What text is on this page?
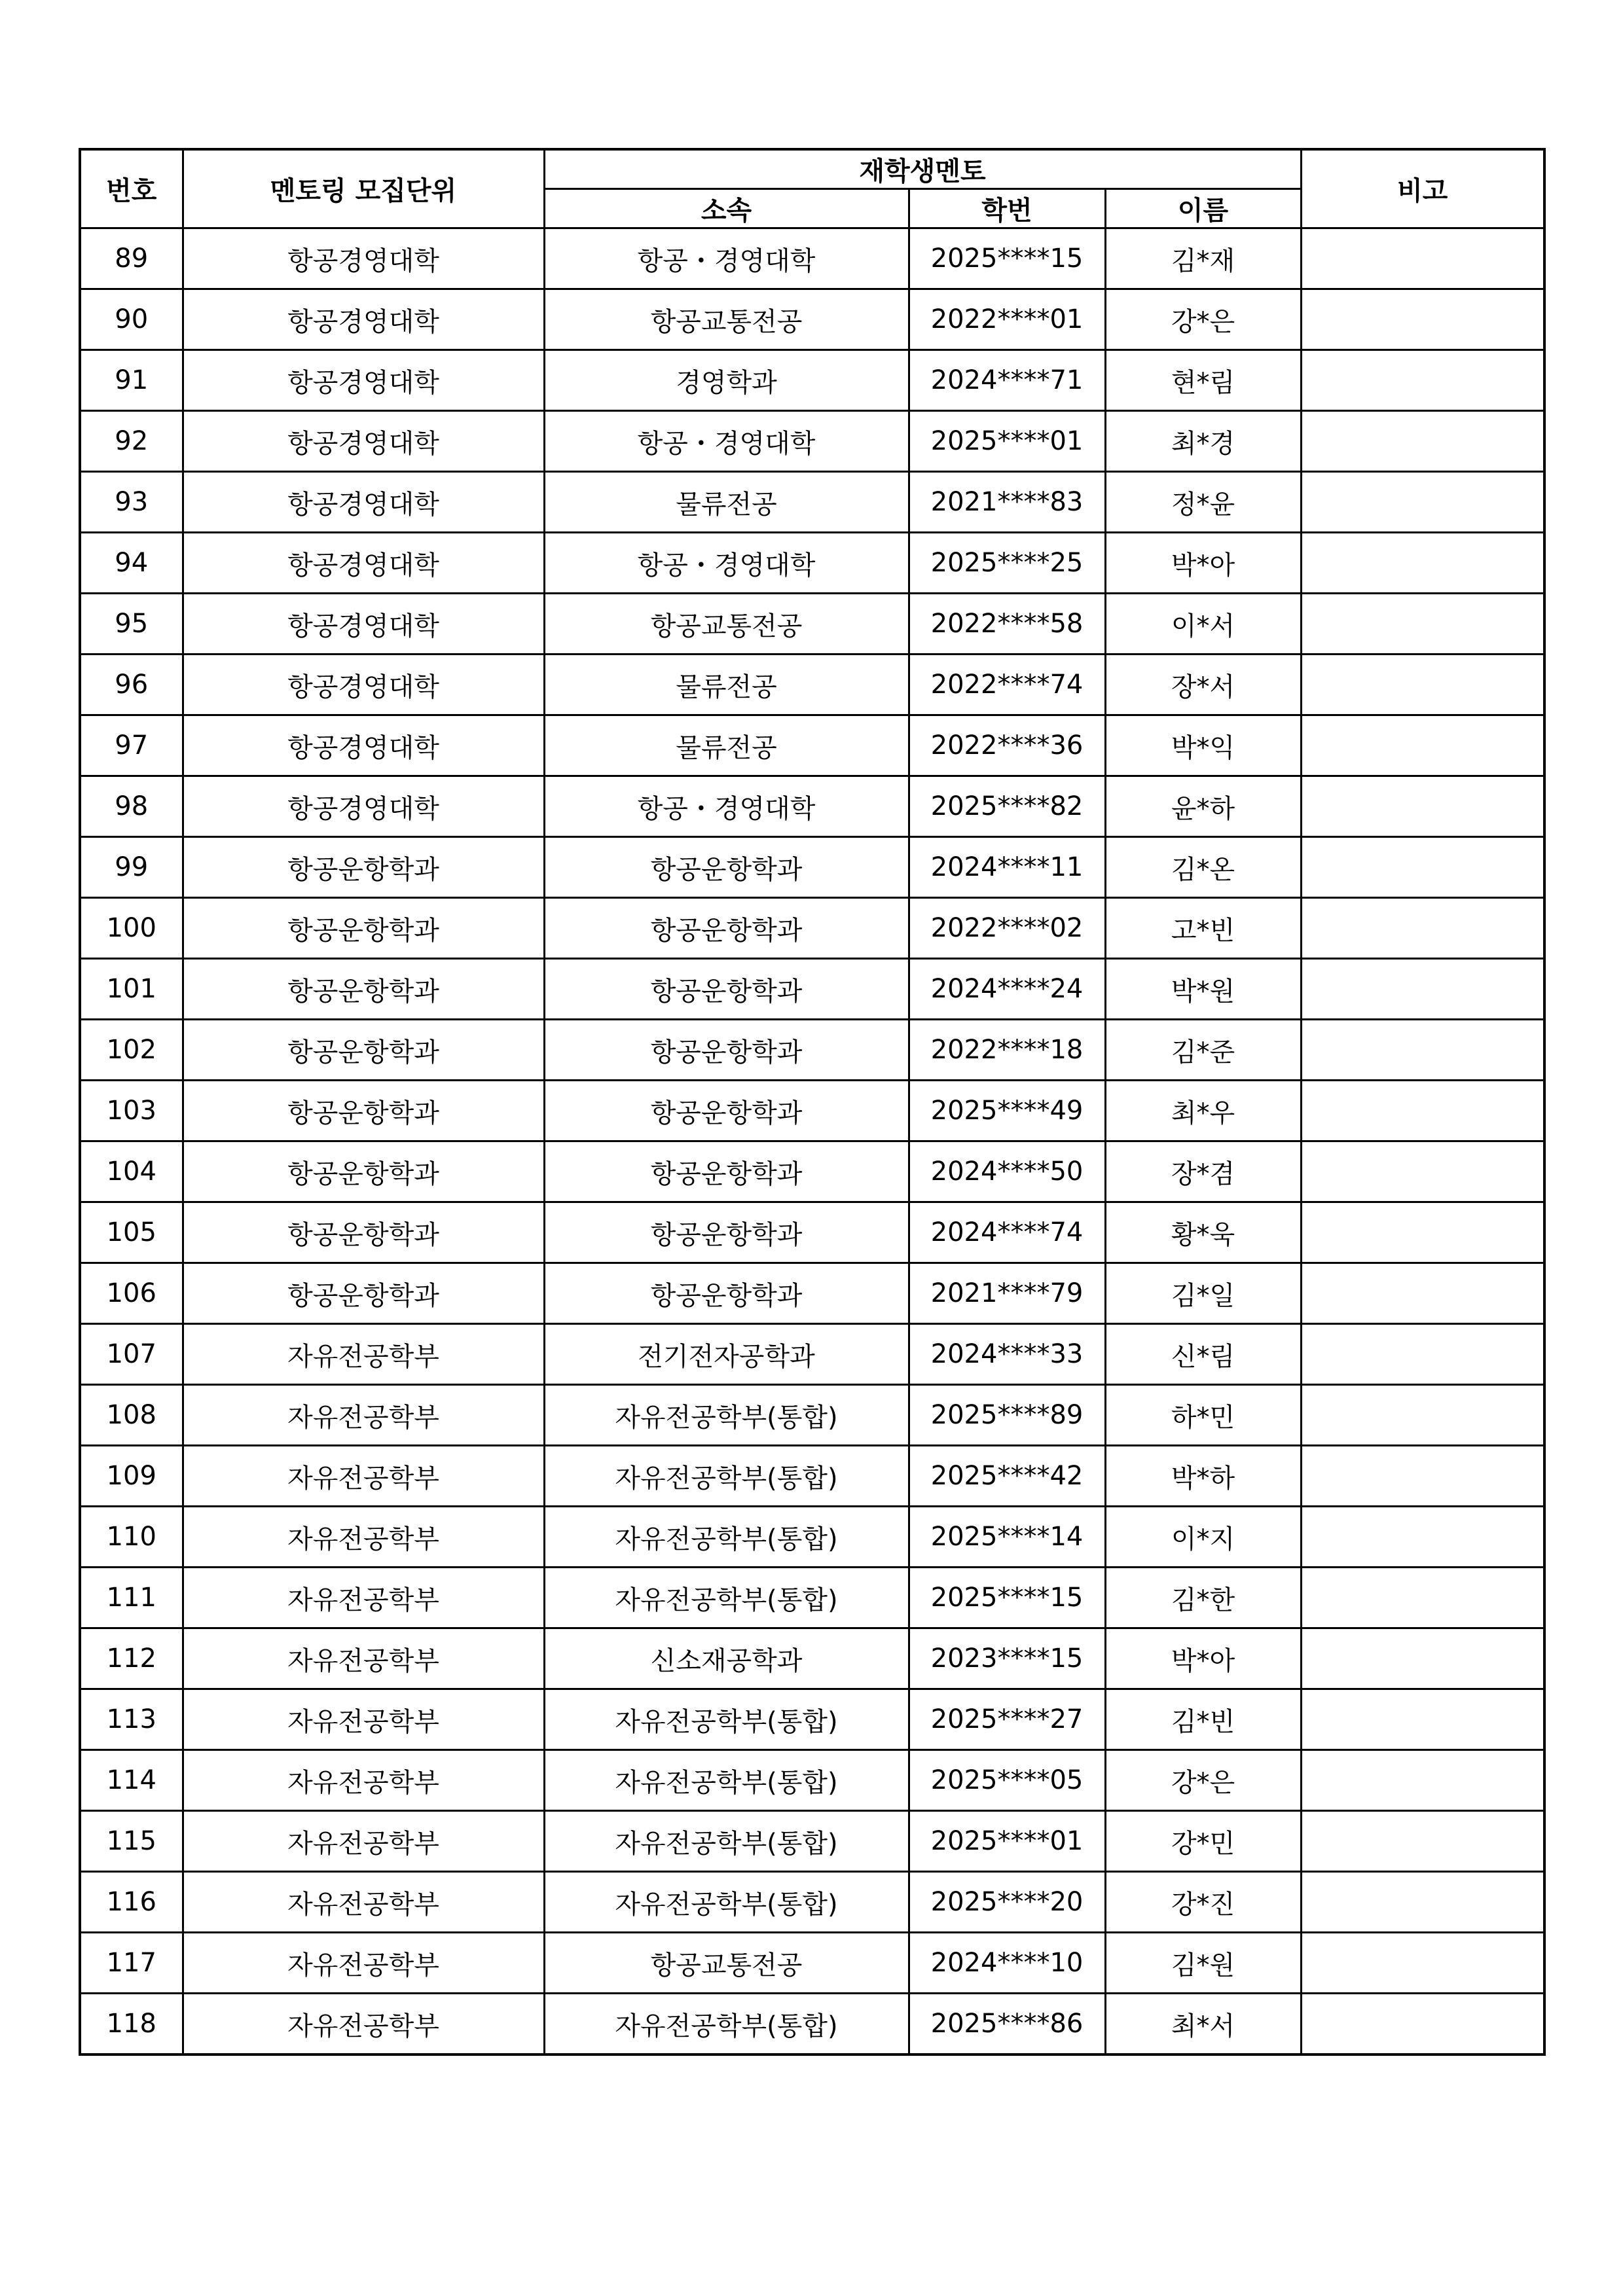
번호	멘토링 모집단위	재학생멘토			비고
		소속	학번	이름	
89	항공경영대학	항공・경영대학	2025****15	김*재	
90	항공경영대학	항공교통전공	2022****01	강*은	
91	항공경영대학	경영학과	2024****71	현*림	
92	항공경영대학	항공・경영대학	2025****01	최*경	
93	항공경영대학	물류전공	2021****83	정*윤	
94	항공경영대학	항공・경영대학	2025****25	박*아	
95	항공경영대학	항공교통전공	2022****58	이*서	
96	항공경영대학	물류전공	2022****74	장*서	
97	항공경영대학	물류전공	2022****36	박*익	
98	항공경영대학	항공・경영대학	2025****82	윤*하	
99	항공운항학과	항공운항학과	2024****11	김*온	
100	항공운항학과	항공운항학과	2022****02	고*빈	
101	항공운항학과	항공운항학과	2024****24	박*원	
102	항공운항학과	항공운항학과	2022****18	김*준	
103	항공운항학과	항공운항학과	2025****49	최*우	
104	항공운항학과	항공운항학과	2024****50	장*겸	
105	항공운항학과	항공운항학과	2024****74	황*욱	
106	항공운항학과	항공운항학과	2021****79	김*일	
107	자유전공학부	전기전자공학과	2024****33	신*림	
108	자유전공학부	자유전공학부(통합)	2025****89	하*민	
109	자유전공학부	자유전공학부(통합)	2025****42	박*하	
110	자유전공학부	자유전공학부(통합)	2025****14	이*지	
111	자유전공학부	자유전공학부(통합)	2025****15	김*한	
112	자유전공학부	신소재공학과	2023****15	박*아	
113	자유전공학부	자유전공학부(통합)	2025****27	김*빈	
114	자유전공학부	자유전공학부(통합)	2025****05	강*은	
115	자유전공학부	자유전공학부(통합)	2025****01	강*민	
116	자유전공학부	자유전공학부(통합)	2025****20	강*진	
117	자유전공학부	항공교통전공	2024****10	김*원	
118	자유전공학부	자유전공학부(통합)	2025****86	최*서	
